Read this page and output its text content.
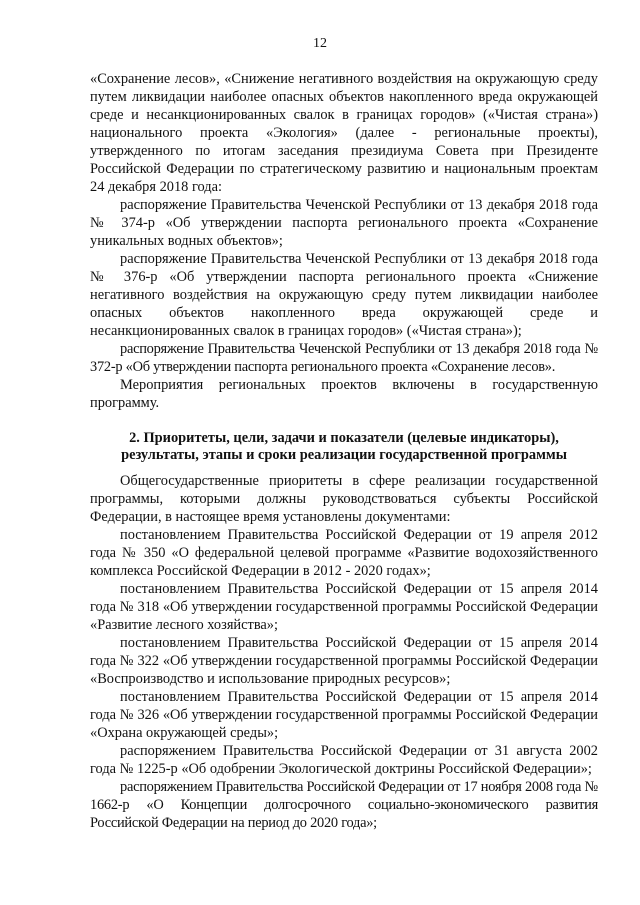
12

«Сохранение лесов», «Снижение негативного воздействия на окружающую среду путем ликвидации наиболее опасных объектов накопленного вреда окружающей среде и несанкционированных свалок в границах городов» («Чистая страна») национального проекта «Экология» (далее - региональные проекты), утвержденного по итогам заседания президиума Совета при Президенте Российской Федерации по стратегическому развитию и национальным проектам 24 декабря 2018 года:

распоряжение Правительства Чеченской Республики от 13 декабря 2018 года № 374-р «Об утверждении паспорта регионального проекта «Сохранение уникальных водных объектов»;

распоряжение Правительства Чеченской Республики от 13 декабря 2018 года № 376-р «Об утверждении паспорта регионального проекта «Снижение негативного воздействия на окружающую среду путем ликвидации наиболее опасных объектов накопленного вреда окружающей среде и несанкционированных свалок в границах городов» («Чистая страна»);

распоряжение Правительства Чеченской Республики от 13 декабря 2018 года № 372-р «Об утверждении паспорта регионального проекта «Сохранение лесов».

Мероприятия региональных проектов включены в государственную программу.

2. Приоритеты, цели, задачи и показатели (целевые индикаторы),
результаты, этапы и сроки реализации государственной программы

Общегосударственные приоритеты в сфере реализации государственной программы, которыми должны руководствоваться субъекты Российской Федерации, в настоящее время установлены документами:

постановлением Правительства Российской Федерации от 19 апреля 2012 года № 350 «О федеральной целевой программе «Развитие водохозяйственного комплекса Российской Федерации в 2012 - 2020 годах»;

постановлением Правительства Российской Федерации от 15 апреля 2014 года № 318 «Об утверждении государственной программы Российской Федерации «Развитие лесного хозяйства»;

постановлением Правительства Российской Федерации от 15 апреля 2014 года № 322 «Об утверждении государственной программы Российской Федерации «Воспроизводство и использование природных ресурсов»;

постановлением Правительства Российской Федерации от 15 апреля 2014 года № 326 «Об утверждении государственной программы Российской Федерации «Охрана окружающей среды»;

распоряжением Правительства Российской Федерации от 31 августа 2002 года № 1225-р «Об одобрении Экологической доктрины Российской Федерации»;

распоряжением Правительства Российской Федерации от 17 ноября 2008 года № 1662-р «О Концепции долгосрочного социально-экономического развития Российской Федерации на период до 2020 года»;
